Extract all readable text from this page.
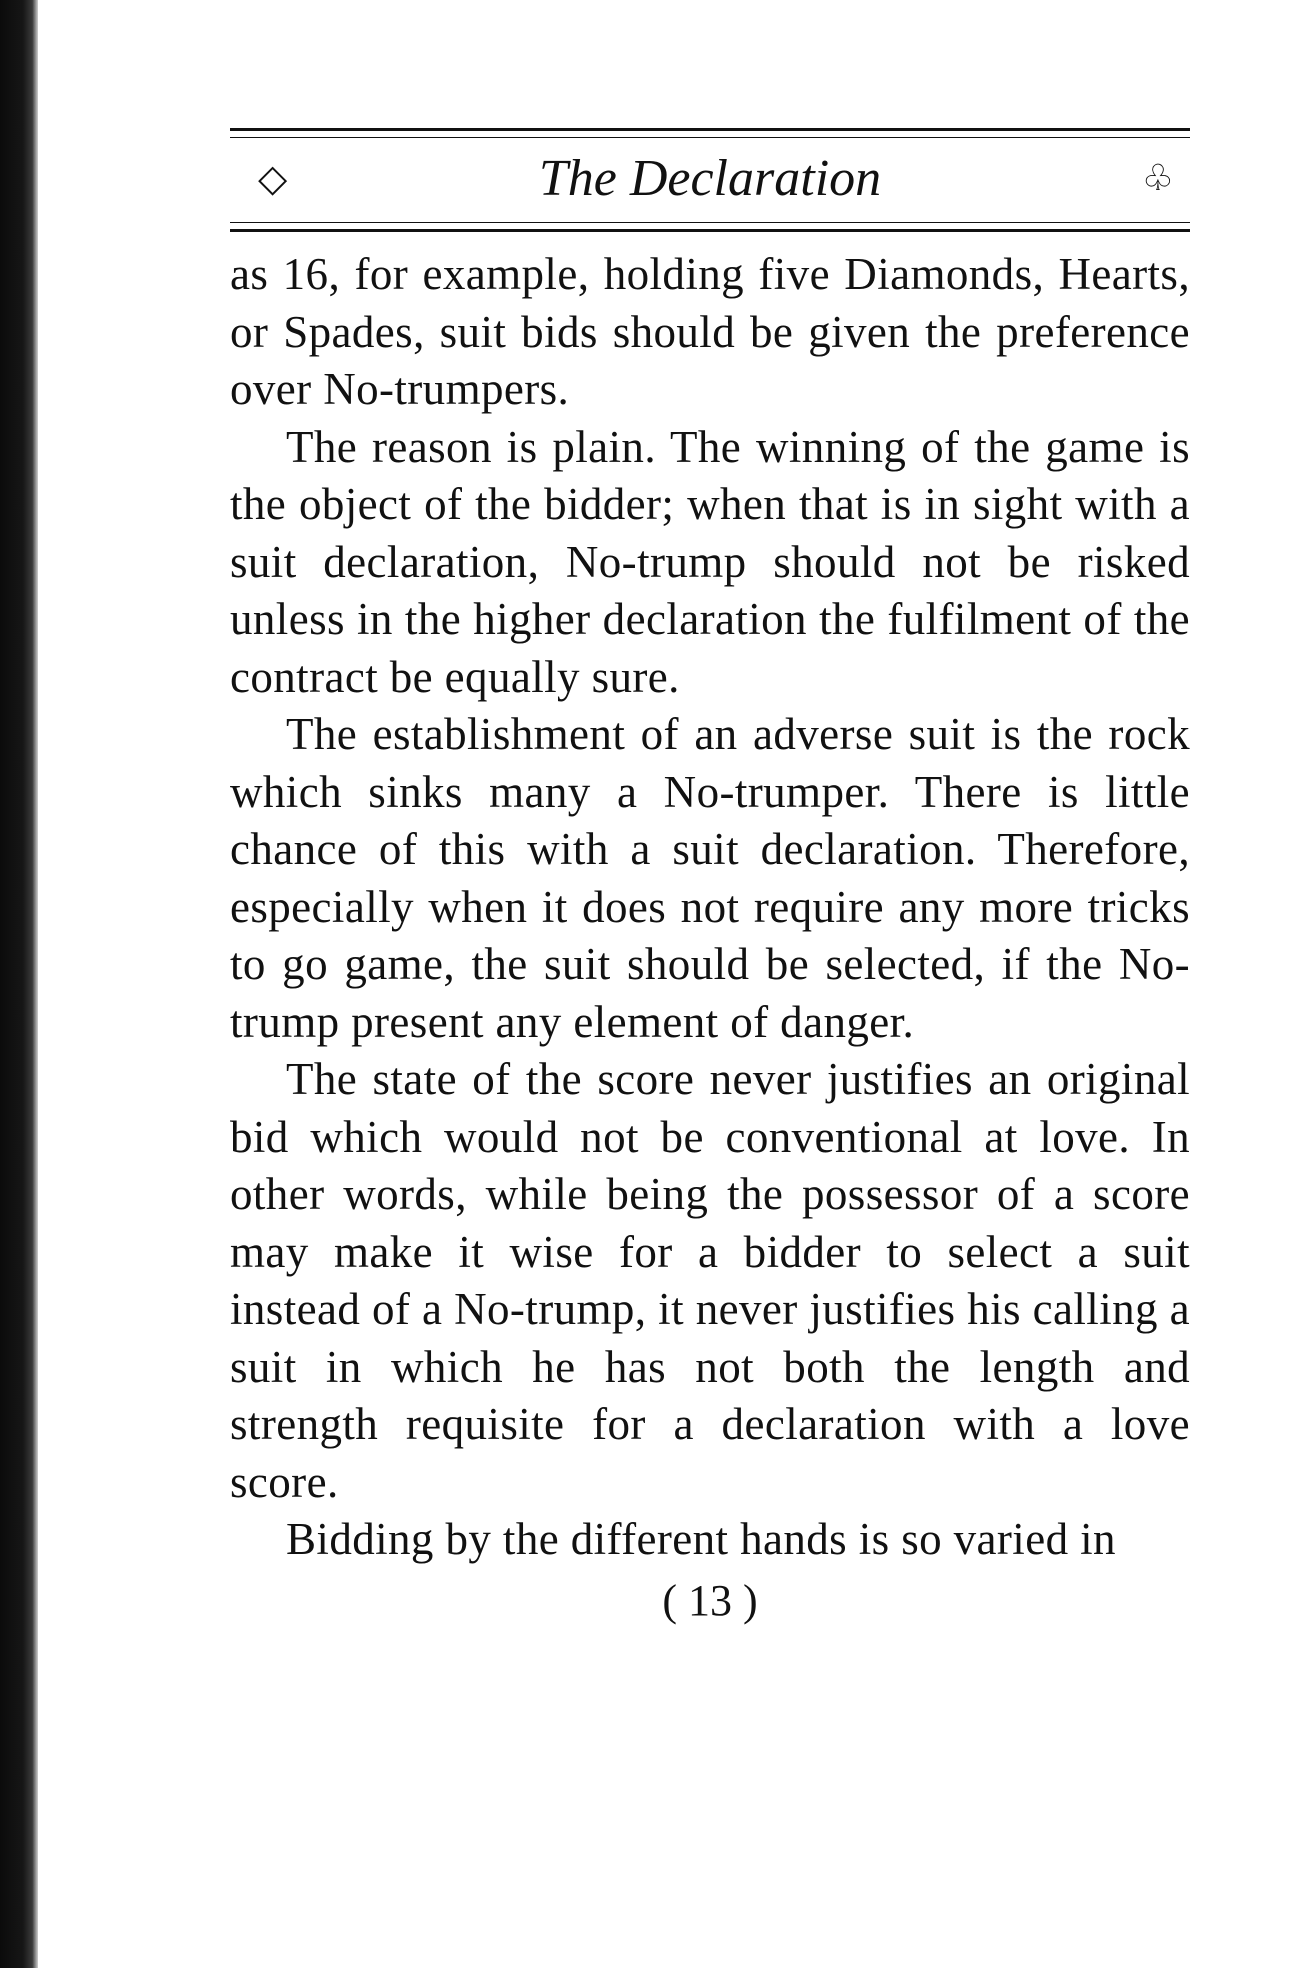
◇	The Declaration	♧

as 16, for example, holding five Diamonds, Hearts, or Spades, suit bids should be given the preference over No-trumpers.

The reason is plain. The winning of the game is the object of the bidder; when that is in sight with a suit declaration, No-trump should not be risked unless in the higher declaration the fulfilment of the contract be equally sure.

The establishment of an adverse suit is the rock which sinks many a No-trumper. There is little chance of this with a suit declaration. Therefore, especially when it does not require any more tricks to go game, the suit should be selected, if the No-trump present any element of danger.

The state of the score never justifies an original bid which would not be conventional at love. In other words, while being the possessor of a score may make it wise for a bidder to select a suit instead of a No-trump, it never justifies his calling a suit in which he has not both the length and strength requisite for a declaration with a love score.

Bidding by the different hands is so varied in

( 13 )
